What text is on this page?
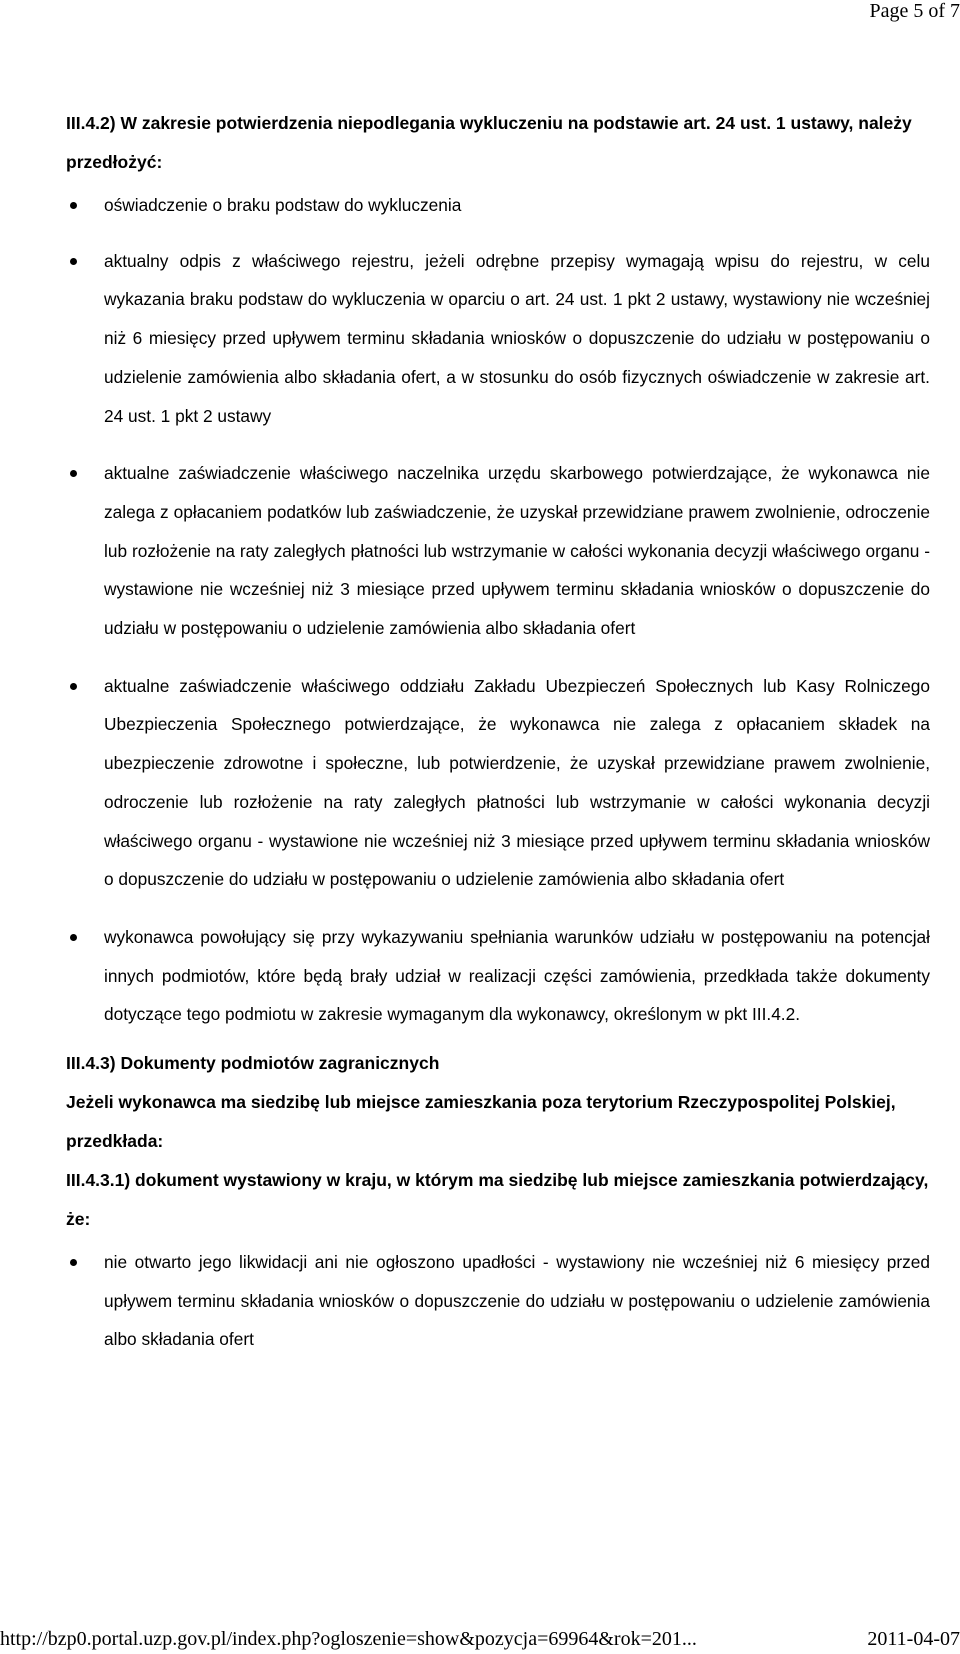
Page 5 of 7

III.4.2) W zakresie potwierdzenia niepodlegania wykluczeniu na podstawie art. 24 ust. 1 ustawy, należy przedłożyć:

oświadczenie o braku podstaw do wykluczenia
aktualny odpis z właściwego rejestru, jeżeli odrębne przepisy wymagają wpisu do rejestru, w celu wykazania braku podstaw do wykluczenia w oparciu o art. 24 ust. 1 pkt 2 ustawy, wystawiony nie wcześniej niż 6 miesięcy przed upływem terminu składania wniosków o dopuszczenie do udziału w postępowaniu o udzielenie zamówienia albo składania ofert, a w stosunku do osób fizycznych oświadczenie w zakresie art. 24 ust. 1 pkt 2 ustawy
aktualne zaświadczenie właściwego naczelnika urzędu skarbowego potwierdzające, że wykonawca nie zalega z opłacaniem podatków lub zaświadczenie, że uzyskał przewidziane prawem zwolnienie, odroczenie lub rozłożenie na raty zaległych płatności lub wstrzymanie w całości wykonania decyzji właściwego organu - wystawione nie wcześniej niż 3 miesiące przed upływem terminu składania wniosków o dopuszczenie do udziału w postępowaniu o udzielenie zamówienia albo składania ofert
aktualne zaświadczenie właściwego oddziału Zakładu Ubezpieczeń Społecznych lub Kasy Rolniczego Ubezpieczenia Społecznego potwierdzające, że wykonawca nie zalega z opłacaniem składek na ubezpieczenie zdrowotne i społeczne, lub potwierdzenie, że uzyskał przewidziane prawem zwolnienie, odroczenie lub rozłożenie na raty zaległych płatności lub wstrzymanie w całości wykonania decyzji właściwego organu - wystawione nie wcześniej niż 3 miesiące przed upływem terminu składania wniosków o dopuszczenie do udziału w postępowaniu o udzielenie zamówienia albo składania ofert
wykonawca powołujący się przy wykazywaniu spełniania warunków udziału w postępowaniu na potencjał innych podmiotów, które będą brały udział w realizacji części zamówienia, przedkłada także dokumenty dotyczące tego podmiotu w zakresie wymaganym dla wykonawcy, określonym w pkt III.4.2.

III.4.3) Dokumenty podmiotów zagranicznych

Jeżeli wykonawca ma siedzibę lub miejsce zamieszkania poza terytorium Rzeczypospolitej Polskiej, przedkłada:

III.4.3.1) dokument wystawiony w kraju, w którym ma siedzibę lub miejsce zamieszkania potwierdzający, że:

nie otwarto jego likwidacji ani nie ogłoszono upadłości - wystawiony nie wcześniej niż 6 miesięcy przed upływem terminu składania wniosków o dopuszczenie do udziału w postępowaniu o udzielenie zamówienia albo składania ofert
http://bzp0.portal.uzp.gov.pl/index.php?ogloszenie=show&pozycja=69964&rok=201...	2011-04-07
